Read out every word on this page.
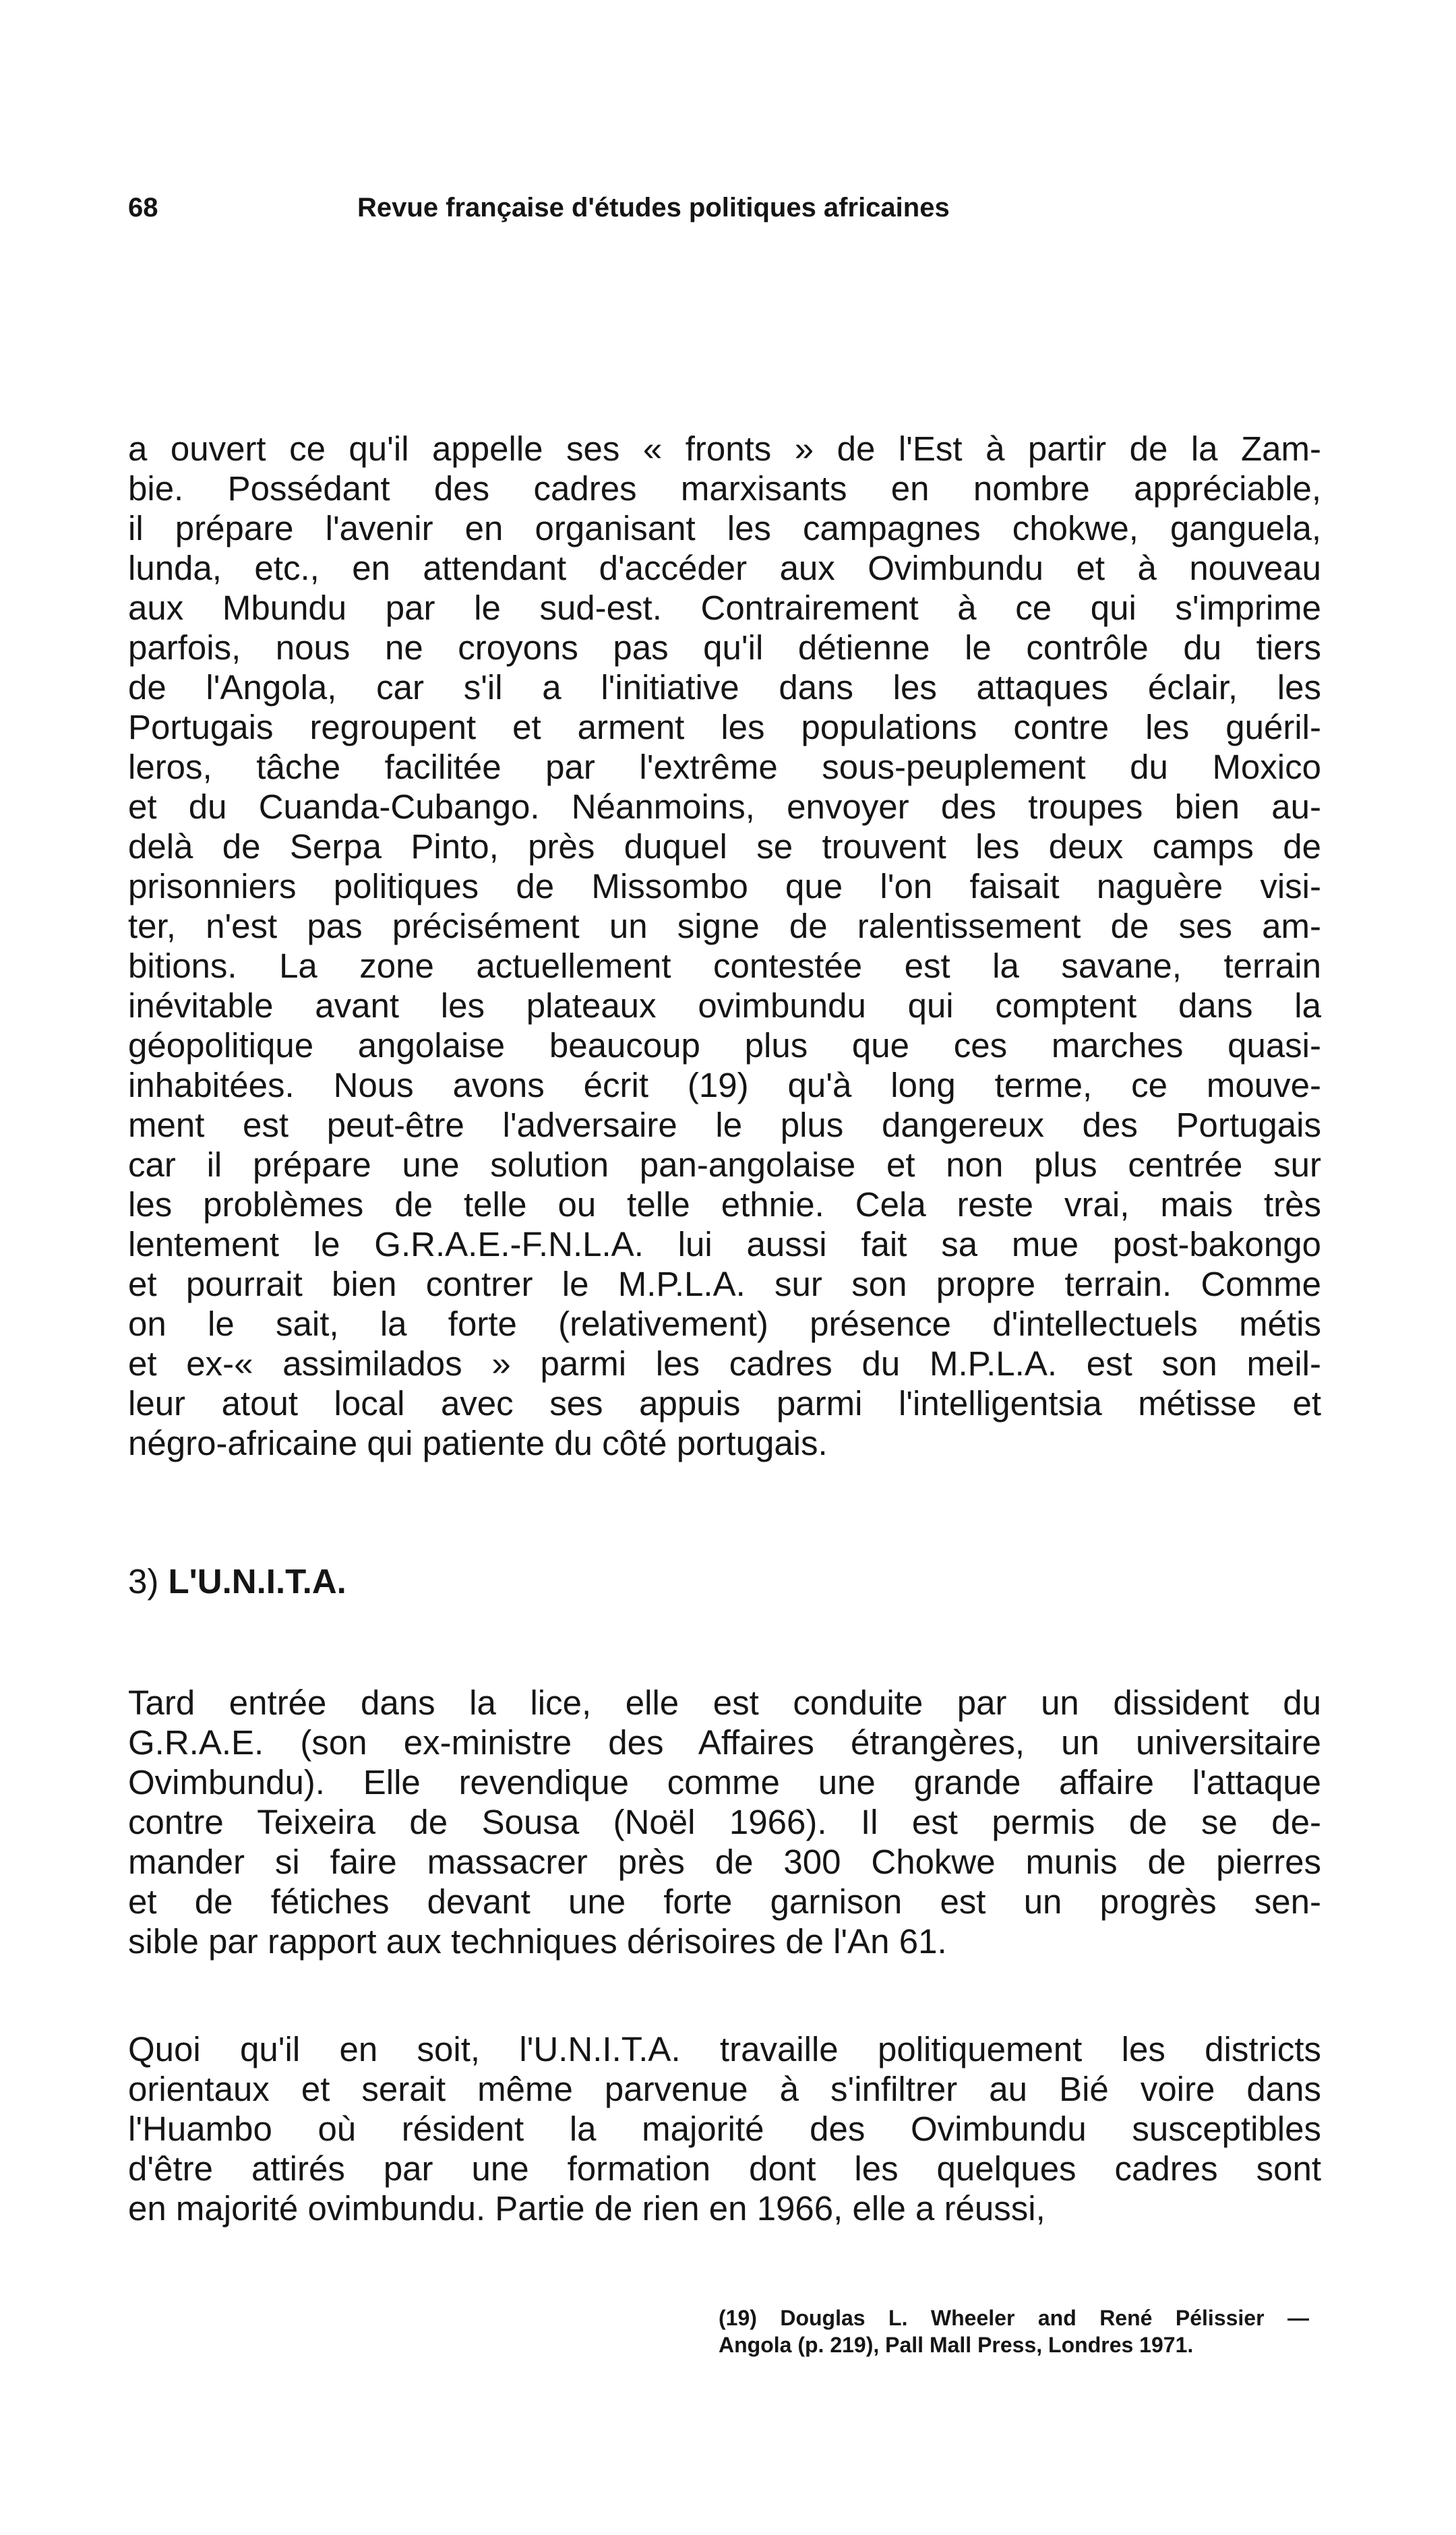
68	Revue française d'études politiques africaines
a ouvert ce qu'il appelle ses « fronts » de l'Est à partir de la Zam-
bie. Possédant des cadres marxisants en nombre appréciable,
il prépare l'avenir en organisant les campagnes chokwe, ganguela,
lunda, etc., en attendant d'accéder aux Ovimbundu et à nouveau
aux Mbundu par le sud-est. Contrairement à ce qui s'imprime
parfois, nous ne croyons pas qu'il détienne le contrôle du tiers
de l'Angola, car s'il a l'initiative dans les attaques éclair, les
Portugais regroupent et arment les populations contre les guéril-
leros, tâche facilitée par l'extrême sous-peuplement du Moxico
et du Cuanda-Cubango. Néanmoins, envoyer des troupes bien au-
delà de Serpa Pinto, près duquel se trouvent les deux camps de
prisonniers politiques de Missombo que l'on faisait naguère visi-
ter, n'est pas précisément un signe de ralentissement de ses am-
bitions. La zone actuellement contestée est la savane, terrain
inévitable avant les plateaux ovimbundu qui comptent dans la
géopolitique angolaise beaucoup plus que ces marches quasi-
inhabitées. Nous avons écrit (19) qu'à long terme, ce mouve-
ment est peut-être l'adversaire le plus dangereux des Portugais
car il prépare une solution pan-angolaise et non plus centrée sur
les problèmes de telle ou telle ethnie. Cela reste vrai, mais très
lentement le G.R.A.E.-F.N.L.A. lui aussi fait sa mue post-bakongo
et pourrait bien contrer le M.P.L.A. sur son propre terrain. Comme
on le sait, la forte (relativement) présence d'intellectuels métis
et ex-« assimilados » parmi les cadres du M.P.L.A. est son meil-
leur atout local avec ses appuis parmi l'intelligentsia métisse et
négro-africaine qui patiente du côté portugais.
3) L'U.N.I.T.A.
Tard entrée dans la lice, elle est conduite par un dissident du
G.R.A.E. (son ex-ministre des Affaires étrangères, un universitaire
Ovimbundu). Elle revendique comme une grande affaire l'attaque
contre Teixeira de Sousa (Noël 1966). Il est permis de se de-
mander si faire massacrer près de 300 Chokwe munis de pierres
et de fétiches devant une forte garnison est un progrès sen-
sible par rapport aux techniques dérisoires de l'An 61.
Quoi qu'il en soit, l'U.N.I.T.A. travaille politiquement les districts
orientaux et serait même parvenue à s'infiltrer au Bié voire dans
l'Huambo où résident la majorité des Ovimbundu susceptibles
d'être attirés par une formation dont les quelques cadres sont
en majorité ovimbundu. Partie de rien en 1966, elle a réussi,
(19) Douglas L. Wheeler and René Pélissier —
Angola (p. 219), Pall Mall Press, Londres 1971.
